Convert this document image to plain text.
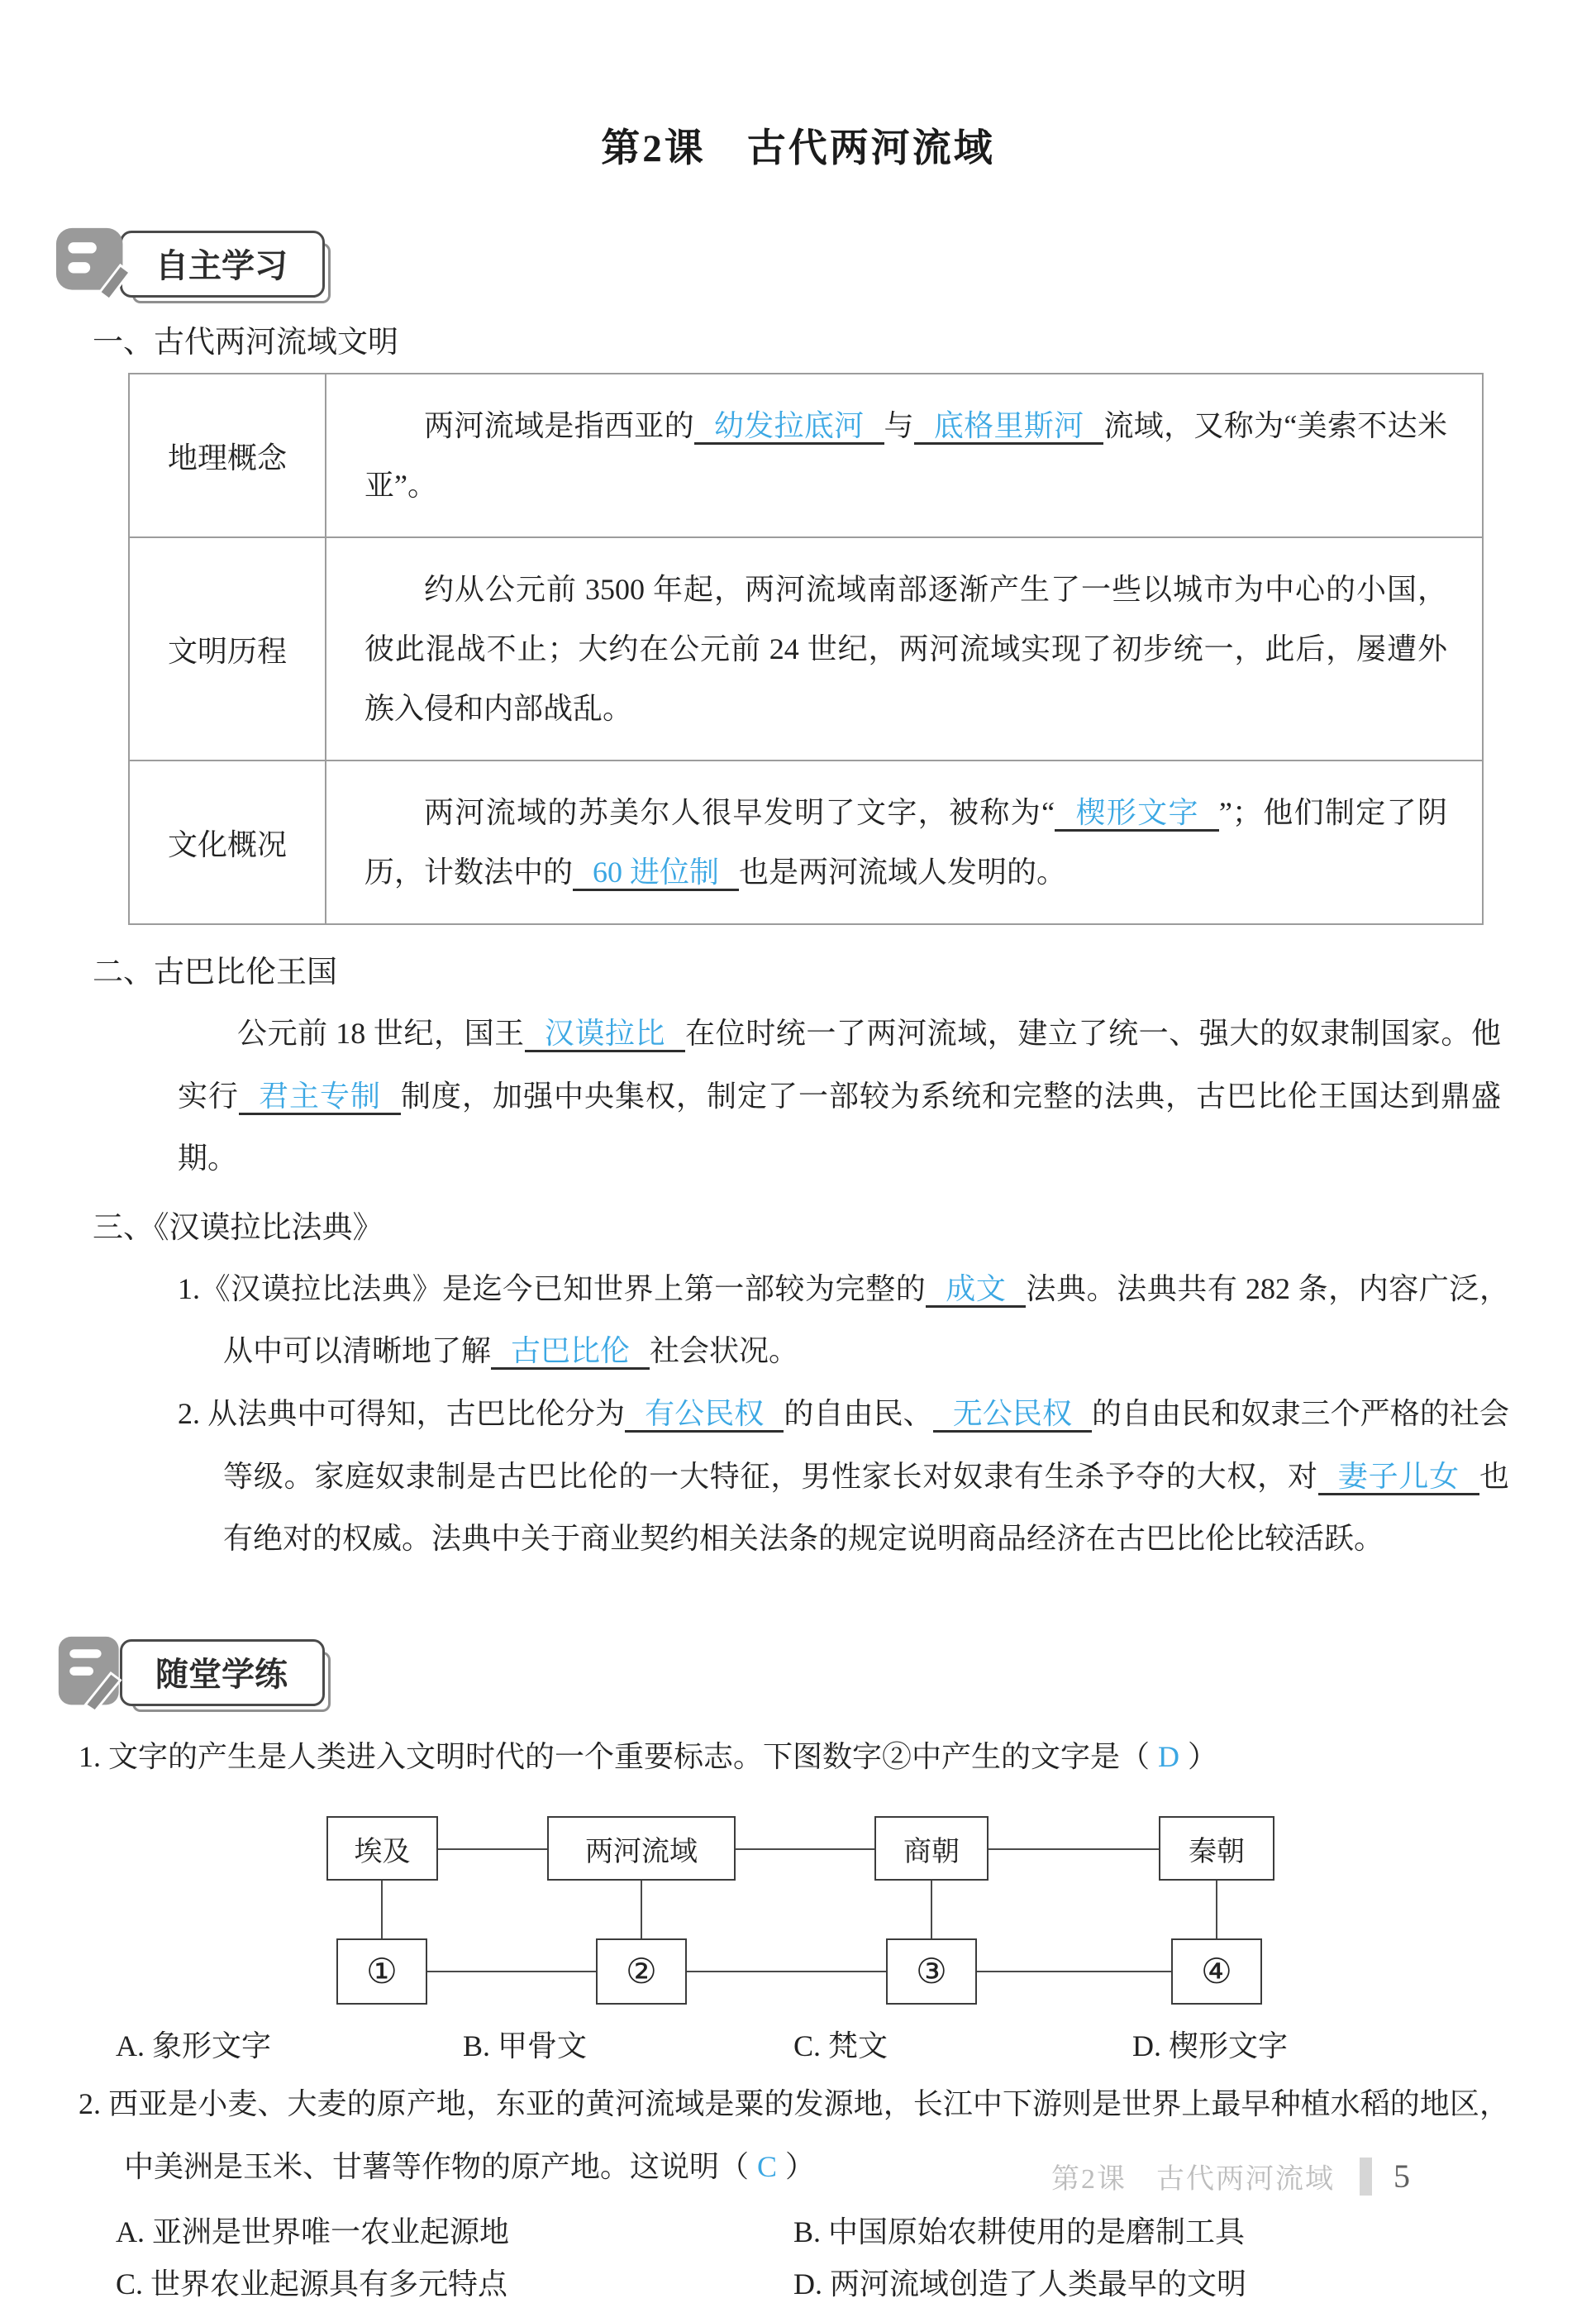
第2课　古代两河流域
自主学习
一、古代两河流域文明
地理概念	两河流域是指西亚的 幼发拉底河 与 底格里斯河 流域，又称为“美索不达米亚”。
文明历程	约从公元前 3500 年起，两河流域南部逐渐产生了一些以城市为中心的小国，彼此混战不止；大约在公元前 24 世纪，两河流域实现了初步统一，此后，屡遭外族入侵和内部战乱。
文化概况	两河流域的苏美尔人很早发明了文字，被称为“ 楔形文字 ”；他们制定了阴历，计数法中的 60 进位制 也是两河流域人发明的。
二、古巴比伦王国
公元前 18 世纪，国王 汉谟拉比 在位时统一了两河流域，建立了统一、强大的奴隶制国家。他实行 君主专制 制度，加强中央集权，制定了一部较为系统和完整的法典，古巴比伦王国达到鼎盛期。
三、《汉谟拉比法典》
1.《汉谟拉比法典》是迄今已知世界上第一部较为完整的 成文 法典。法典共有 282 条，内容广泛，从中可以清晰地了解 古巴比伦 社会状况。
2. 从法典中可得知，古巴比伦分为 有公民权 的自由民、 无公民权 的自由民和奴隶三个严格的社会等级。家庭奴隶制是古巴比伦的一大特征，男性家长对奴隶有生杀予夺的大权，对 妻子儿女 也有绝对的权威。法典中关于商业契约相关法条的规定说明商品经济在古巴比伦比较活跃。
随堂学练
1. 文字的产生是人类进入文明时代的一个重要标志。下图数字②中产生的文字是（ D ）
埃及	两河流域	商朝	秦朝
①	②	③	④
A. 象形文字	B. 甲骨文	C. 梵文	D. 楔形文字
2. 西亚是小麦、大麦的原产地，东亚的黄河流域是粟的发源地，长江中下游则是世界上最早种植水稻的地区，中美洲是玉米、甘薯等作物的原产地。这说明（ C ）
A. 亚洲是世界唯一农业起源地	B. 中国原始农耕使用的是磨制工具
C. 世界农业起源具有多元特点	D. 两河流域创造了人类最早的文明
第2课　古代两河流域 5
